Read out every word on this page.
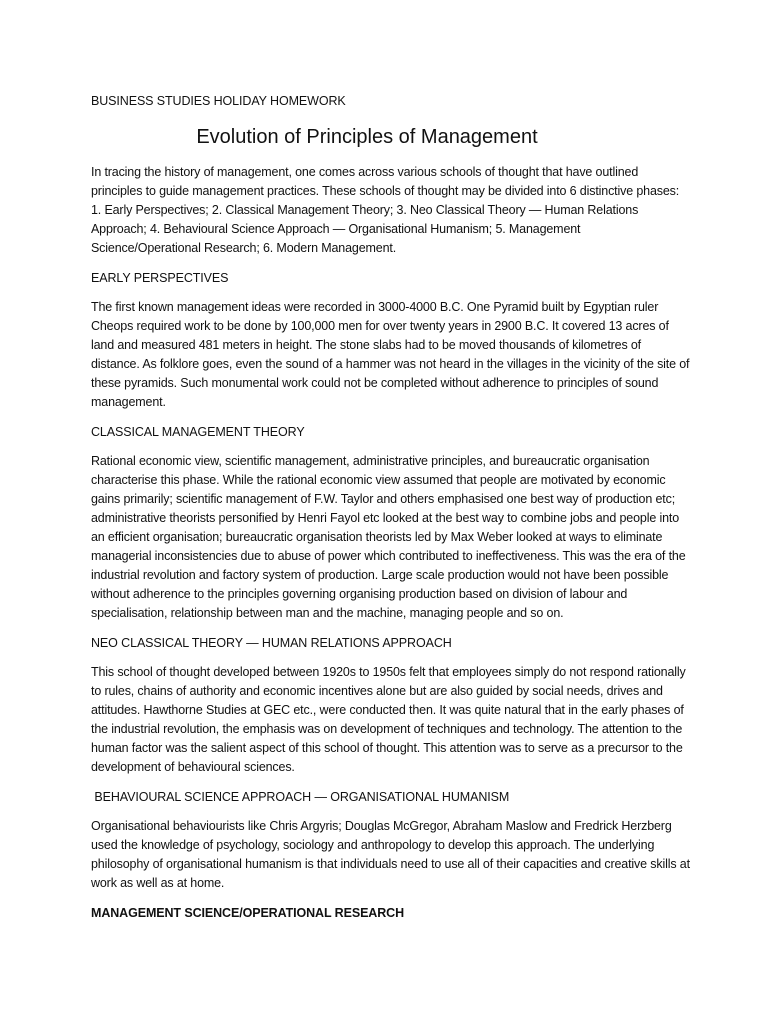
BUSINESS STUDIES HOLIDAY HOMEWORK

Evolution of Principles of Management

In tracing the history of management, one comes across various schools of thought that have outlined principles to guide management practices. These schools of thought may be divided into 6 distinctive phases: 1. Early Perspectives; 2. Classical Management Theory; 3. Neo Classical Theory — Human Relations Approach; 4. Behavioural Science Approach — Organisational Humanism; 5. Management Science/Operational Research; 6. Modern Management.

EARLY PERSPECTIVES

The first known management ideas were recorded in 3000-4000 B.C. One Pyramid built by Egyptian ruler Cheops required work to be done by 100,000 men for over twenty years in 2900 B.C. It covered 13 acres of land and measured 481 meters in height. The stone slabs had to be moved thousands of kilometres of distance. As folklore goes, even the sound of a hammer was not heard in the villages in the vicinity of the site of these pyramids. Such monumental work could not be completed without adherence to principles of sound management.

CLASSICAL MANAGEMENT THEORY

Rational economic view, scientific management, administrative principles, and bureaucratic organisation characterise this phase. While the rational economic view assumed that people are motivated by economic gains primarily; scientific management of F.W. Taylor and others emphasised one best way of production etc; administrative theorists personified by Henri Fayol etc looked at the best way to combine jobs and people into an efficient organisation; bureaucratic organisation theorists led by Max Weber looked at ways to eliminate managerial inconsistencies due to abuse of power which contributed to ineffectiveness. This was the era of the industrial revolution and factory system of production. Large scale production would not have been possible without adherence to the principles governing organising production based on division of labour and specialisation, relationship between man and the machine, managing people and so on.

NEO CLASSICAL THEORY — HUMAN RELATIONS APPROACH

This school of thought developed between 1920s to 1950s felt that employees simply do not respond rationally to rules, chains of authority and economic incentives alone but are also guided by social needs, drives and attitudes. Hawthorne Studies at GEC etc., were conducted then. It was quite natural that in the early phases of the industrial revolution, the emphasis was on development of techniques and technology. The attention to the human factor was the salient aspect of this school of thought. This attention was to serve as a precursor to the development of behavioural sciences.

BEHAVIOURAL SCIENCE APPROACH — ORGANISATIONAL HUMANISM

Organisational behaviourists like Chris Argyris; Douglas McGregor, Abraham Maslow and Fredrick Herzberg used the knowledge of psychology, sociology and anthropology to develop this approach. The underlying philosophy of organisational humanism is that individuals need to use all of their capacities and creative skills at work as well as at home.

MANAGEMENT SCIENCE/OPERATIONAL RESEARCH
